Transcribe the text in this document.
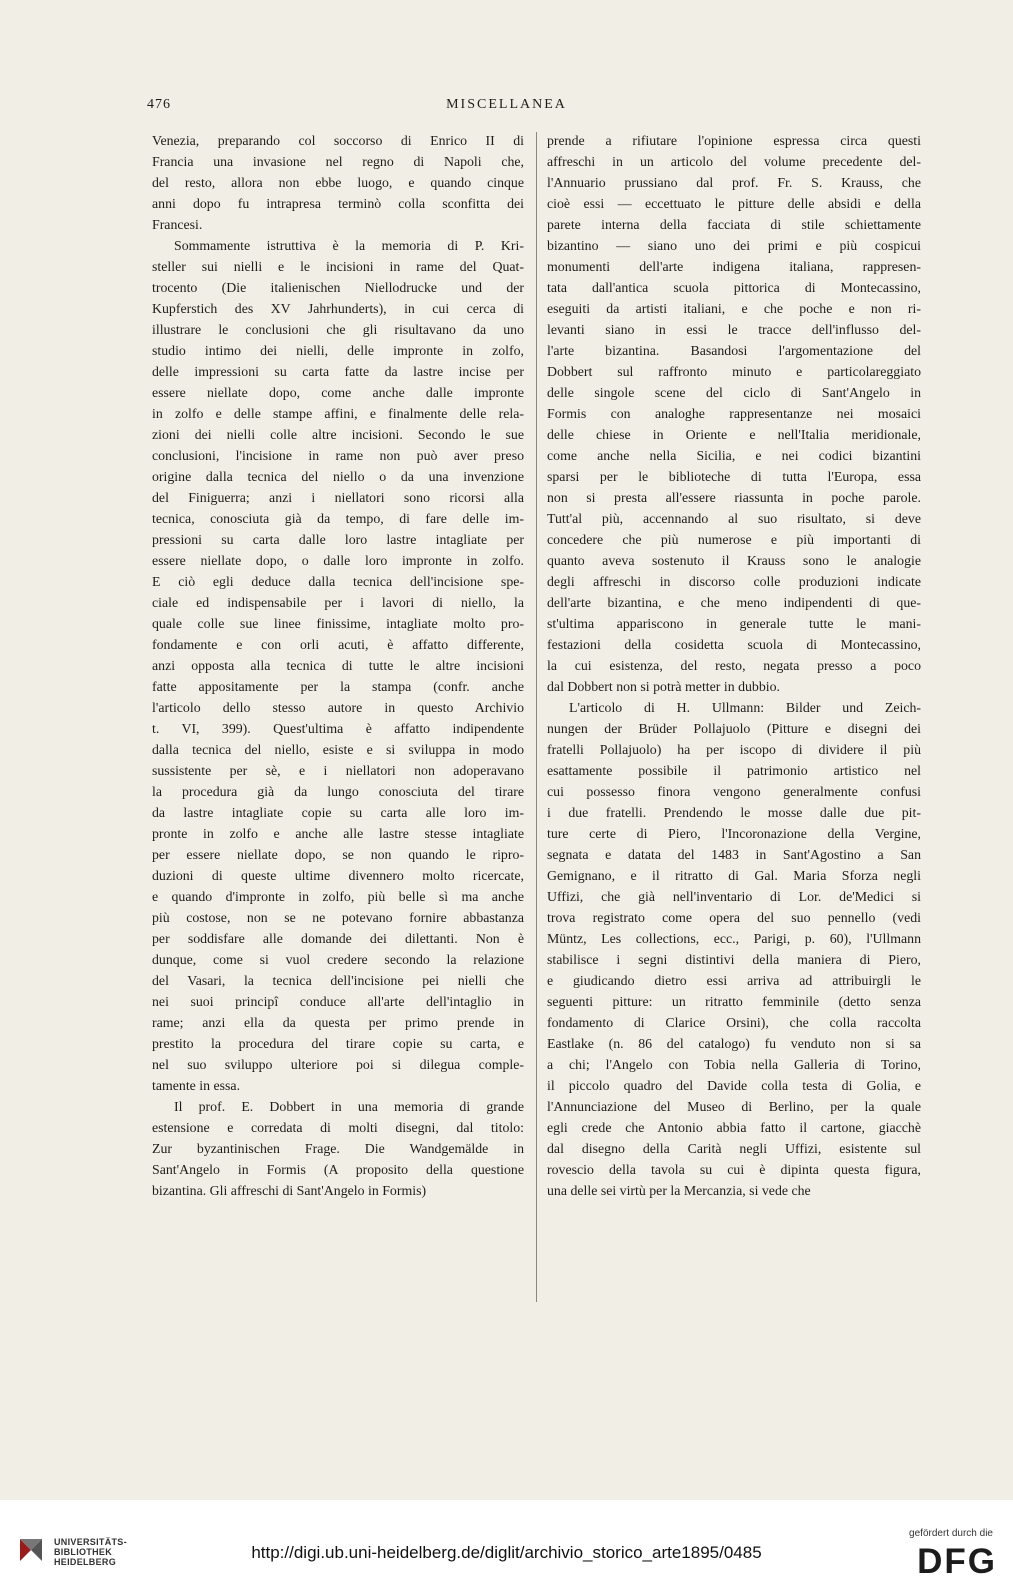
476	MISCELLANEA
Venezia, preparando col soccorso di Enrico II di
Francia una invasione nel regno di Napoli che,
del resto, allora non ebbe luogo, e quando cinque
anni dopo fu intrapresa terminò colla sconfitta dei
Francesi.
Sommamente istruttiva è la memoria di P. Kri-
steller sui nielli e le incisioni in rame del Quat-
trocento (Die italienischen Niellodrucke und der
Kupferstich des XV Jahrhunderts), in cui cerca di
illustrare le conclusioni che gli risultavano da uno
studio intimo dei nielli, delle impronte in zolfo,
delle impressioni su carta fatte da lastre incise per
essere niellate dopo, come anche dalle impronte
in zolfo e delle stampe affini, e finalmente delle rela-
zioni dei nielli colle altre incisioni. Secondo le sue
conclusioni, l'incisione in rame non può aver preso
origine dalla tecnica del niello o da una invenzione
del Finiguerra; anzi i niellatori sono ricorsi alla
tecnica, conosciuta già da tempo, di fare delle im-
pressioni su carta dalle loro lastre intagliate per
essere niellate dopo, o dalle loro impronte in zolfo.
E ciò egli deduce dalla tecnica dell'incisione spe-
ciale ed indispensabile per i lavori di niello, la
quale colle sue linee finissime, intagliate molto pro-
fondamente e con orli acuti, è affatto differente,
anzi opposta alla tecnica di tutte le altre incisioni
fatte appositamente per la stampa (confr. anche
l'articolo dello stesso autore in questo Archivio
t. VI, 399). Quest'ultima è affatto indipendente
dalla tecnica del niello, esiste e si sviluppa in modo
sussistente per sè, e i niellatori non adoperavano
la procedura già da lungo conosciuta del tirare
da lastre intagliate copie su carta alle loro im-
pronte in zolfo e anche alle lastre stesse intagliate
per essere niellate dopo, se non quando le ripro-
duzioni di queste ultime divennero molto ricercate,
e quando d'impronte in zolfo, più belle sì ma anche
più costose, non se ne potevano fornire abbastanza
per soddisfare alle domande dei dilettanti. Non è
dunque, come si vuol credere secondo la relazione
del Vasari, la tecnica dell'incisione pei nielli che
nei suoi principî conduce all'arte dell'intaglio in
rame; anzi ella da questa per primo prende in
prestito la procedura del tirare copie su carta, e
nel suo sviluppo ulteriore poi si dilegua comple-
tamente in essa.
Il prof. E. Dobbert in una memoria di grande
estensione e corredata di molti disegni, dal titolo:
Zur byzantinischen Frage. Die Wandgemälde in
Sant'Angelo in Formis (A proposito della questione
bizantina. Gli affreschi di Sant'Angelo in Formis)
prende a rifiutare l'opinione espressa circa questi
affreschi in un articolo del volume precedente del-
l'Annuario prussiano dal prof. Fr. S. Krauss, che
cioè essi — eccettuato le pitture delle absidi e della
parete interna della facciata di stile schiettamente
bizantino — siano uno dei primi e più cospicui
monumenti dell'arte indigena italiana, rappresen-
tata dall'antica scuola pittorica di Montecassino,
eseguiti da artisti italiani, e che poche e non ri-
levanti siano in essi le tracce dell'influsso del-
l'arte bizantina. Basandosi l'argomentazione del
Dobbert sul raffronto minuto e particolareggiato
delle singole scene del ciclo di Sant'Angelo in
Formis con analoghe rappresentanze nei mosaici
delle chiese in Oriente e nell'Italia meridionale,
come anche nella Sicilia, e nei codici bizantini
sparsi per le biblioteche di tutta l'Europa, essa
non si presta all'essere riassunta in poche parole.
Tutt'al più, accennando al suo risultato, si deve
concedere che più numerose e più importanti di
quanto aveva sostenuto il Krauss sono le analogie
degli affreschi in discorso colle produzioni indicate
dell'arte bizantina, e che meno indipendenti di que-
st'ultima appariscono in generale tutte le mani-
festazioni della cosidetta scuola di Montecassino,
la cui esistenza, del resto, negata presso a poco
dal Dobbert non si potrà metter in dubbio.
L'articolo di H. Ullmann: Bilder und Zeich-
nungen der Brüder Pollajuolo (Pitture e disegni dei
fratelli Pollajuolo) ha per iscopo di dividere il più
esattamente possibile il patrimonio artistico nel
cui possesso finora vengono generalmente confusi
i due fratelli. Prendendo le mosse dalle due pit-
ture certe di Piero, l'Incoronazione della Vergine,
segnata e datata del 1483 in Sant'Agostino a San
Gemignano, e il ritratto di Gal. Maria Sforza negli
Uffizi, che già nell'inventario di Lor. de'Medici si
trova registrato come opera del suo pennello (vedi
Müntz, Les collections, ecc., Parigi, p. 60), l'Ullmann
stabilisce i segni distintivi della maniera di Piero,
e giudicando dietro essi arriva ad attribuirgli le
seguenti pitture: un ritratto femminile (detto senza
fondamento di Clarice Orsini), che colla raccolta
Eastlake (n. 86 del catalogo) fu venduto non si sa
a chi; l'Angelo con Tobia nella Galleria di Torino,
il piccolo quadro del Davide colla testa di Golia, e
l'Annunciazione del Museo di Berlino, per la quale
egli crede che Antonio abbia fatto il cartone, giacchè
dal disegno della Carità negli Uffizi, esistente sul
rovescio della tavola su cui è dipinta questa figura,
una delle sei virtù per la Mercanzia, si vede che
UNIVERSITÄTS-
BIBLIOTHEK
HEIDELBERG	http://digi.ub.uni-heidelberg.de/diglit/archivio_storico_arte1895/0485
gefördert durch die
DFG
